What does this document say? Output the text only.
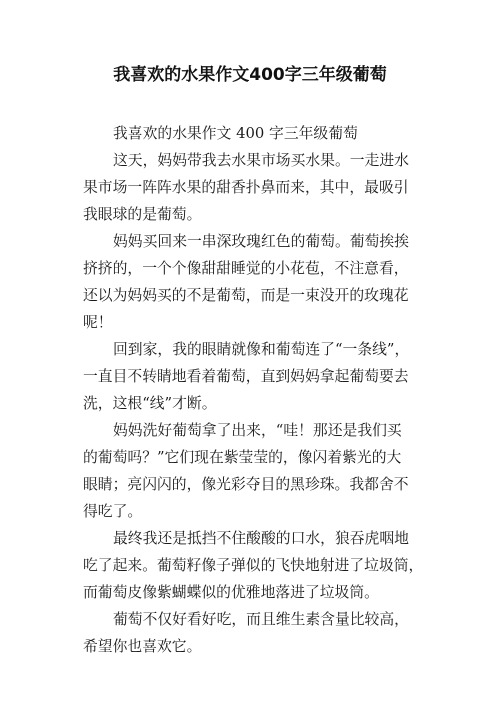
我喜欢的水果作文400字三年级葡萄
我喜欢的水果作文 400 字三年级葡萄
这天，妈妈带我去水果市场买水果。一走进水
果市场一阵阵水果的甜香扑鼻而来，其中，最吸引
我眼球的是葡萄。
妈妈买回来一串深玫瑰红色的葡萄。葡萄挨挨
挤挤的，一个个像甜甜睡觉的小花苞，不注意看，
还以为妈妈买的不是葡萄，而是一束没开的玫瑰花
呢！
回到家，我的眼睛就像和葡萄连了“一条线”，
一直目不转睛地看着葡萄，直到妈妈拿起葡萄要去
洗，这根“线”才断。
妈妈洗好葡萄拿了出来，“哇！那还是我们买
的葡萄吗？”它们现在紫莹莹的，像闪着紫光的大
眼睛；亮闪闪的，像光彩夺目的黑珍珠。我都舍不
得吃了。
最终我还是抵挡不住酸酸的口水，狼吞虎咽地
吃了起来。葡萄籽像子弹似的飞快地射进了垃圾筒，
而葡萄皮像紫蝴蝶似的优雅地落进了垃圾筒。
葡萄不仅好看好吃，而且维生素含量比较高，
希望你也喜欢它。
